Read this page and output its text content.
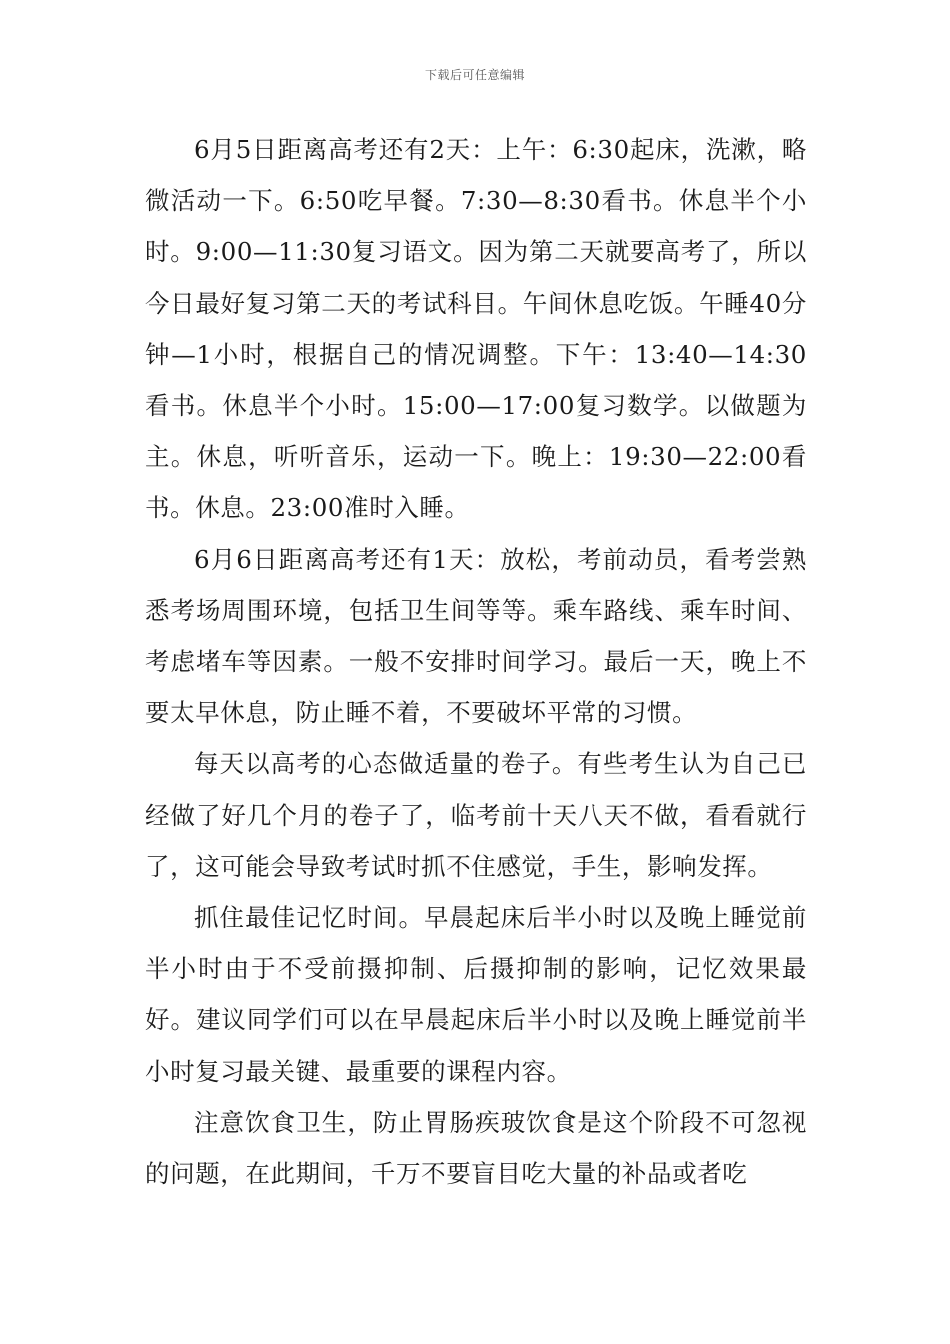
下载后可任意编辑

6月5日距离高考还有2天：上午：6:30起床，洗漱，略微活动一下。6:50吃早餐。7:30—8:30看书。休息半个小时。9:00—11:30复习语文。因为第二天就要高考了，所以今日最好复习第二天的考试科目。午间休息吃饭。午睡40分钟—1小时，根据自己的情况调整。下午：13:40—14:30看书。休息半个小时。15:00—17:00复习数学。以做题为主。休息，听听音乐，运动一下。晚上：19:30—22:00看书。休息。23:00准时入睡。

6月6日距离高考还有1天：放松，考前动员，看考尝熟悉考场周围环境，包括卫生间等等。乘车路线、乘车时间、考虑堵车等因素。一般不安排时间学习。最后一天，晚上不要太早休息，防止睡不着，不要破坏平常的习惯。

每天以高考的心态做适量的卷子。有些考生认为自己已经做了好几个月的卷子了，临考前十天八天不做，看看就行了，这可能会导致考试时抓不住感觉，手生，影响发挥。

抓住最佳记忆时间。早晨起床后半小时以及晚上睡觉前半小时由于不受前摄抑制、后摄抑制的影响，记忆效果最好。建议同学们可以在早晨起床后半小时以及晚上睡觉前半小时复习最关键、最重要的课程内容。

注意饮食卫生，防止胃肠疾玻饮食是这个阶段不可忽视的问题，在此期间，千万不要盲目吃大量的补品或者吃
